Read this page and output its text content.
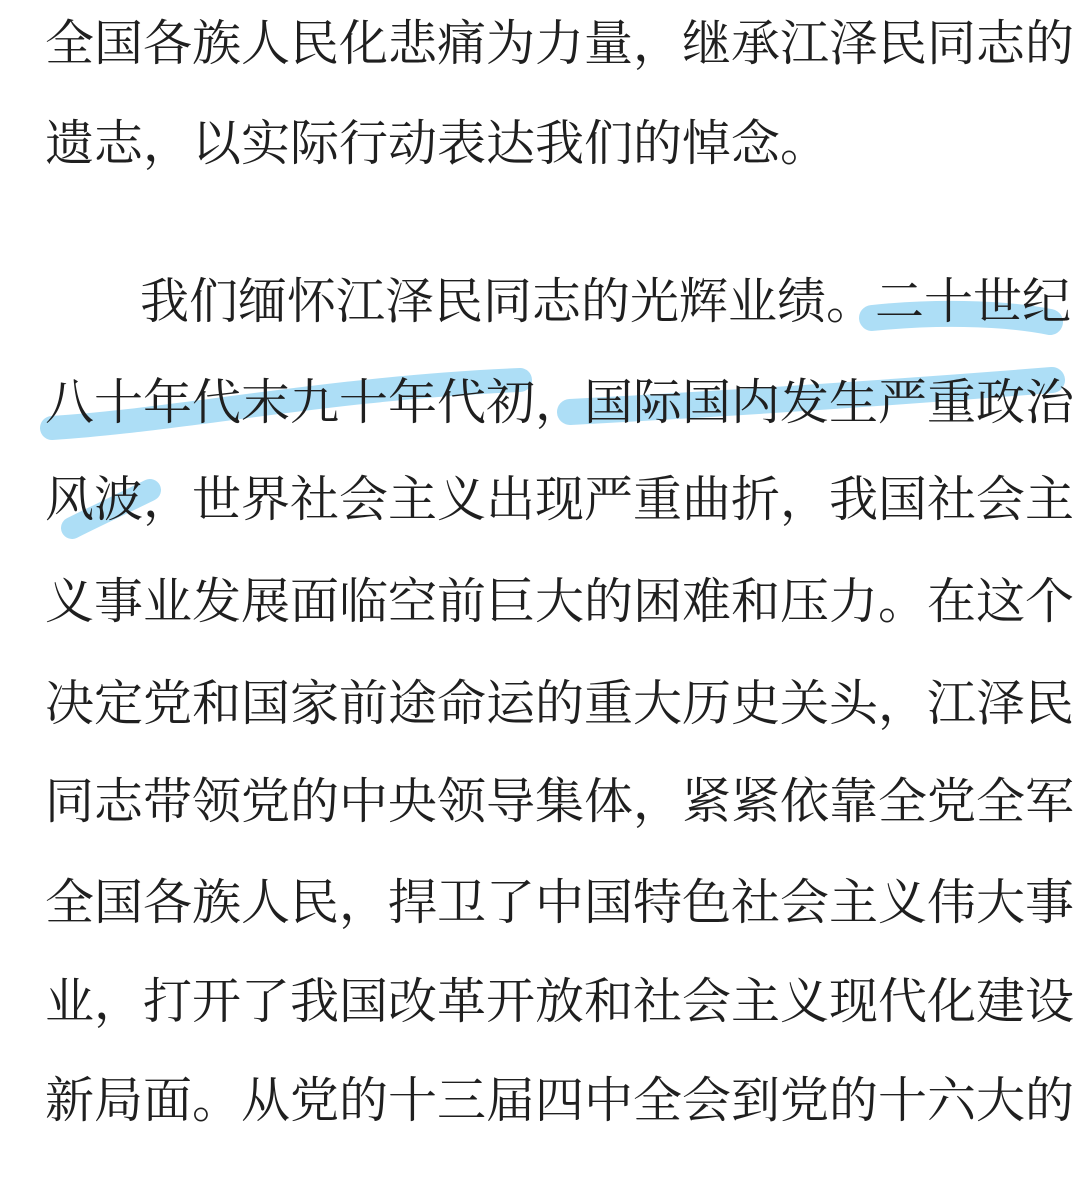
全国各族人民化悲痛为力量，继承江泽民同志的
遗志，以实际行动表达我们的悼念。
我们缅怀江泽民同志的光辉业绩。二十世纪
八十年代末九十年代初，国际国内发生严重政治
风波，世界社会主义出现严重曲折，我国社会主
义事业发展面临空前巨大的困难和压力。在这个
决定党和国家前途命运的重大历史关头，江泽民
同志带领党的中央领导集体，紧紧依靠全党全军
全国各族人民，捍卫了中国特色社会主义伟大事
业，打开了我国改革开放和社会主义现代化建设
新局面。从党的十三届四中全会到党的十六大的
